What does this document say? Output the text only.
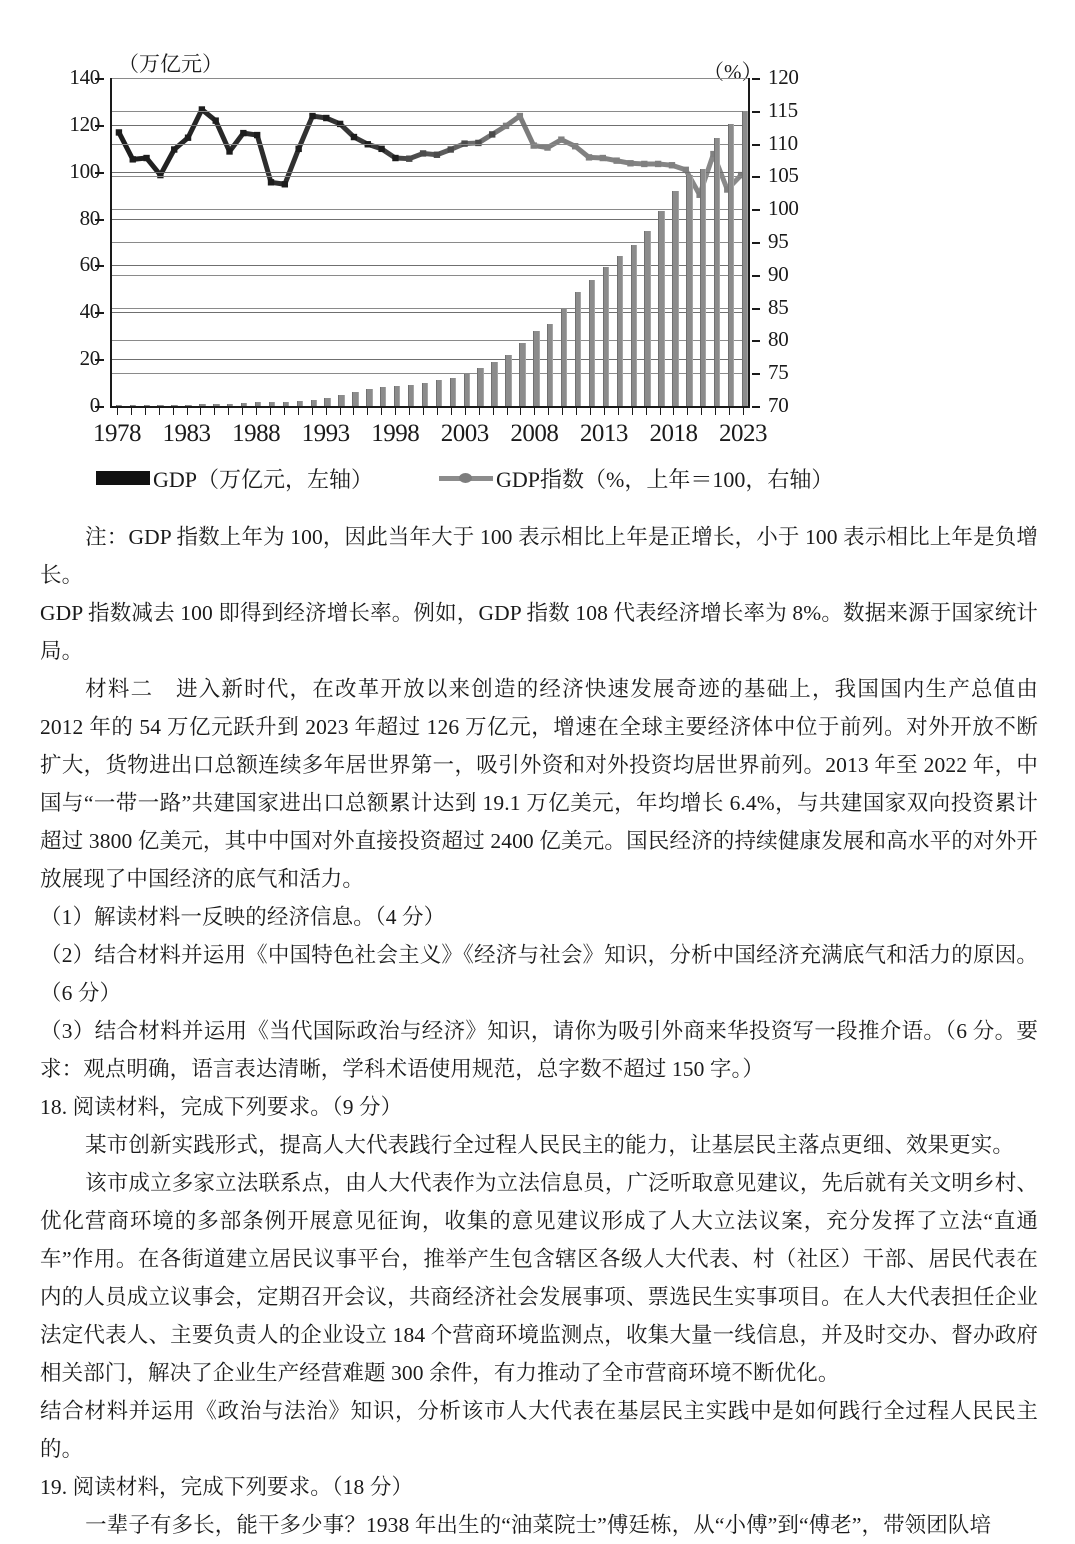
（万亿元）	（%）
0
20
40
60
80
100
120
140
70
75
80
85
90
95
100
105
110
115
120
1978 1983 1988 1993 1998 2003 2008 2013 2018 2023
GDP（万亿元，左轴）	GDP指数（%，上年＝100，右轴）

注：GDP 指数上年为 100，因此当年大于 100 表示相比上年是正增长，小于 100 表示相比上年是负增长。

GDP 指数减去 100 即得到经济增长率。例如，GDP 指数 108 代表经济增长率为 8%。数据来源于国家统计局。

材料二　进入新时代，在改革开放以来创造的经济快速发展奇迹的基础上，我国国内生产总值由 2012 年的 54 万亿元跃升到 2023 年超过 126 万亿元，增速在全球主要经济体中位于前列。对外开放不断扩大，货物进出口总额连续多年居世界第一，吸引外资和对外投资均居世界前列。2013 年至 2022 年，中国与“一带一路”共建国家进出口总额累计达到 19.1 万亿美元，年均增长 6.4%，与共建国家双向投资累计超过 3800 亿美元，其中中国对外直接投资超过 2400 亿美元。国民经济的持续健康发展和高水平的对外开放展现了中国经济的底气和活力。

（1）解读材料一反映的经济信息。（4 分）

（2）结合材料并运用《中国特色社会主义》《经济与社会》知识，分析中国经济充满底气和活力的原因。（6 分）

（3）结合材料并运用《当代国际政治与经济》知识，请你为吸引外商来华投资写一段推介语。（6 分。要求：观点明确，语言表达清晰，学科术语使用规范，总字数不超过 150 字。）

18. 阅读材料，完成下列要求。（9 分）

某市创新实践形式，提高人大代表践行全过程人民民主的能力，让基层民主落点更细、效果更实。

该市成立多家立法联系点，由人大代表作为立法信息员，广泛听取意见建议，先后就有关文明乡村、优化营商环境的多部条例开展意见征询，收集的意见建议形成了人大立法议案，充分发挥了立法“直通车”作用。在各街道建立居民议事平台，推举产生包含辖区各级人大代表、村（社区）干部、居民代表在内的人员成立议事会，定期召开会议，共商经济社会发展事项、票选民生实事项目。在人大代表担任企业法定代表人、主要负责人的企业设立 184 个营商环境监测点，收集大量一线信息，并及时交办、督办政府相关部门，解决了企业生产经营难题 300 余件，有力推动了全市营商环境不断优化。

结合材料并运用《政治与法治》知识，分析该市人大代表在基层民主实践中是如何践行全过程人民民主的。

19. 阅读材料，完成下列要求。（18 分）

一辈子有多长，能干多少事？1938 年出生的“油菜院士”傅廷栋，从“小傅”到“傅老”，带领团队培
